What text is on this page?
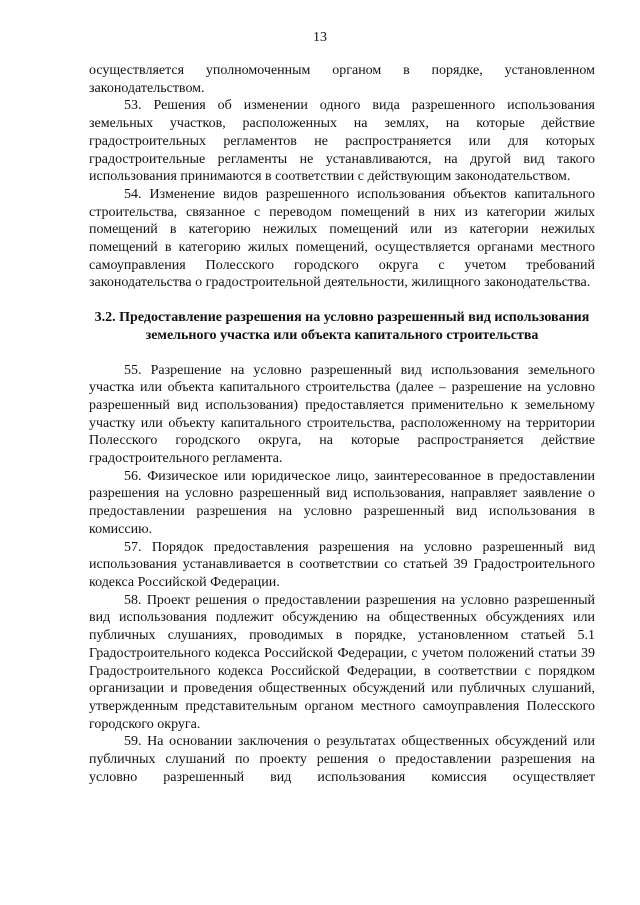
13

осуществляется уполномоченным органом в порядке, установленном законодательством.

53. Решения об изменении одного вида разрешенного использования земельных участков, расположенных на землях, на которые действие градостроительных регламентов не распространяется или для которых градостроительные регламенты не устанавливаются, на другой вид такого использования принимаются в соответствии с действующим законодательством.

54. Изменение видов разрешенного использования объектов капитального строительства, связанное с переводом помещений в них из категории жилых помещений в категорию нежилых помещений или из категории нежилых помещений в категорию жилых помещений, осуществляется органами местного самоуправления Полесского городского округа с учетом требований законодательства о градостроительной деятельности, жилищного законодательства.

3.2. Предоставление разрешения на условно разрешенный вид использования земельного участка или объекта капитального строительства

55. Разрешение на условно разрешенный вид использования земельного участка или объекта капитального строительства (далее – разрешение на условно разрешенный вид использования) предоставляется применительно к земельному участку или объекту капитального строительства, расположенному на территории Полесского городского округа, на которые распространяется действие градостроительного регламента.

56. Физическое или юридическое лицо, заинтересованное в предоставлении разрешения на условно разрешенный вид использования, направляет заявление о предоставлении разрешения на условно разрешенный вид использования в комиссию.

57. Порядок предоставления разрешения на условно разрешенный вид использования устанавливается в соответствии со статьей 39 Градостроительного кодекса Российской Федерации.

58. Проект решения о предоставлении разрешения на условно разрешенный вид использования подлежит обсуждению на общественных обсуждениях или публичных слушаниях, проводимых в порядке, установленном статьей 5.1 Градостроительного кодекса Российской Федерации, с учетом положений статьи 39 Градостроительного кодекса Российской Федерации, в соответствии с порядком организации и проведения общественных обсуждений или публичных слушаний, утвержденным представительным органом местного самоуправления Полесского городского округа.

59. На основании заключения о результатах общественных обсуждений или публичных слушаний по проекту решения о предоставлении разрешения на условно разрешенный вид использования комиссия осуществляет
